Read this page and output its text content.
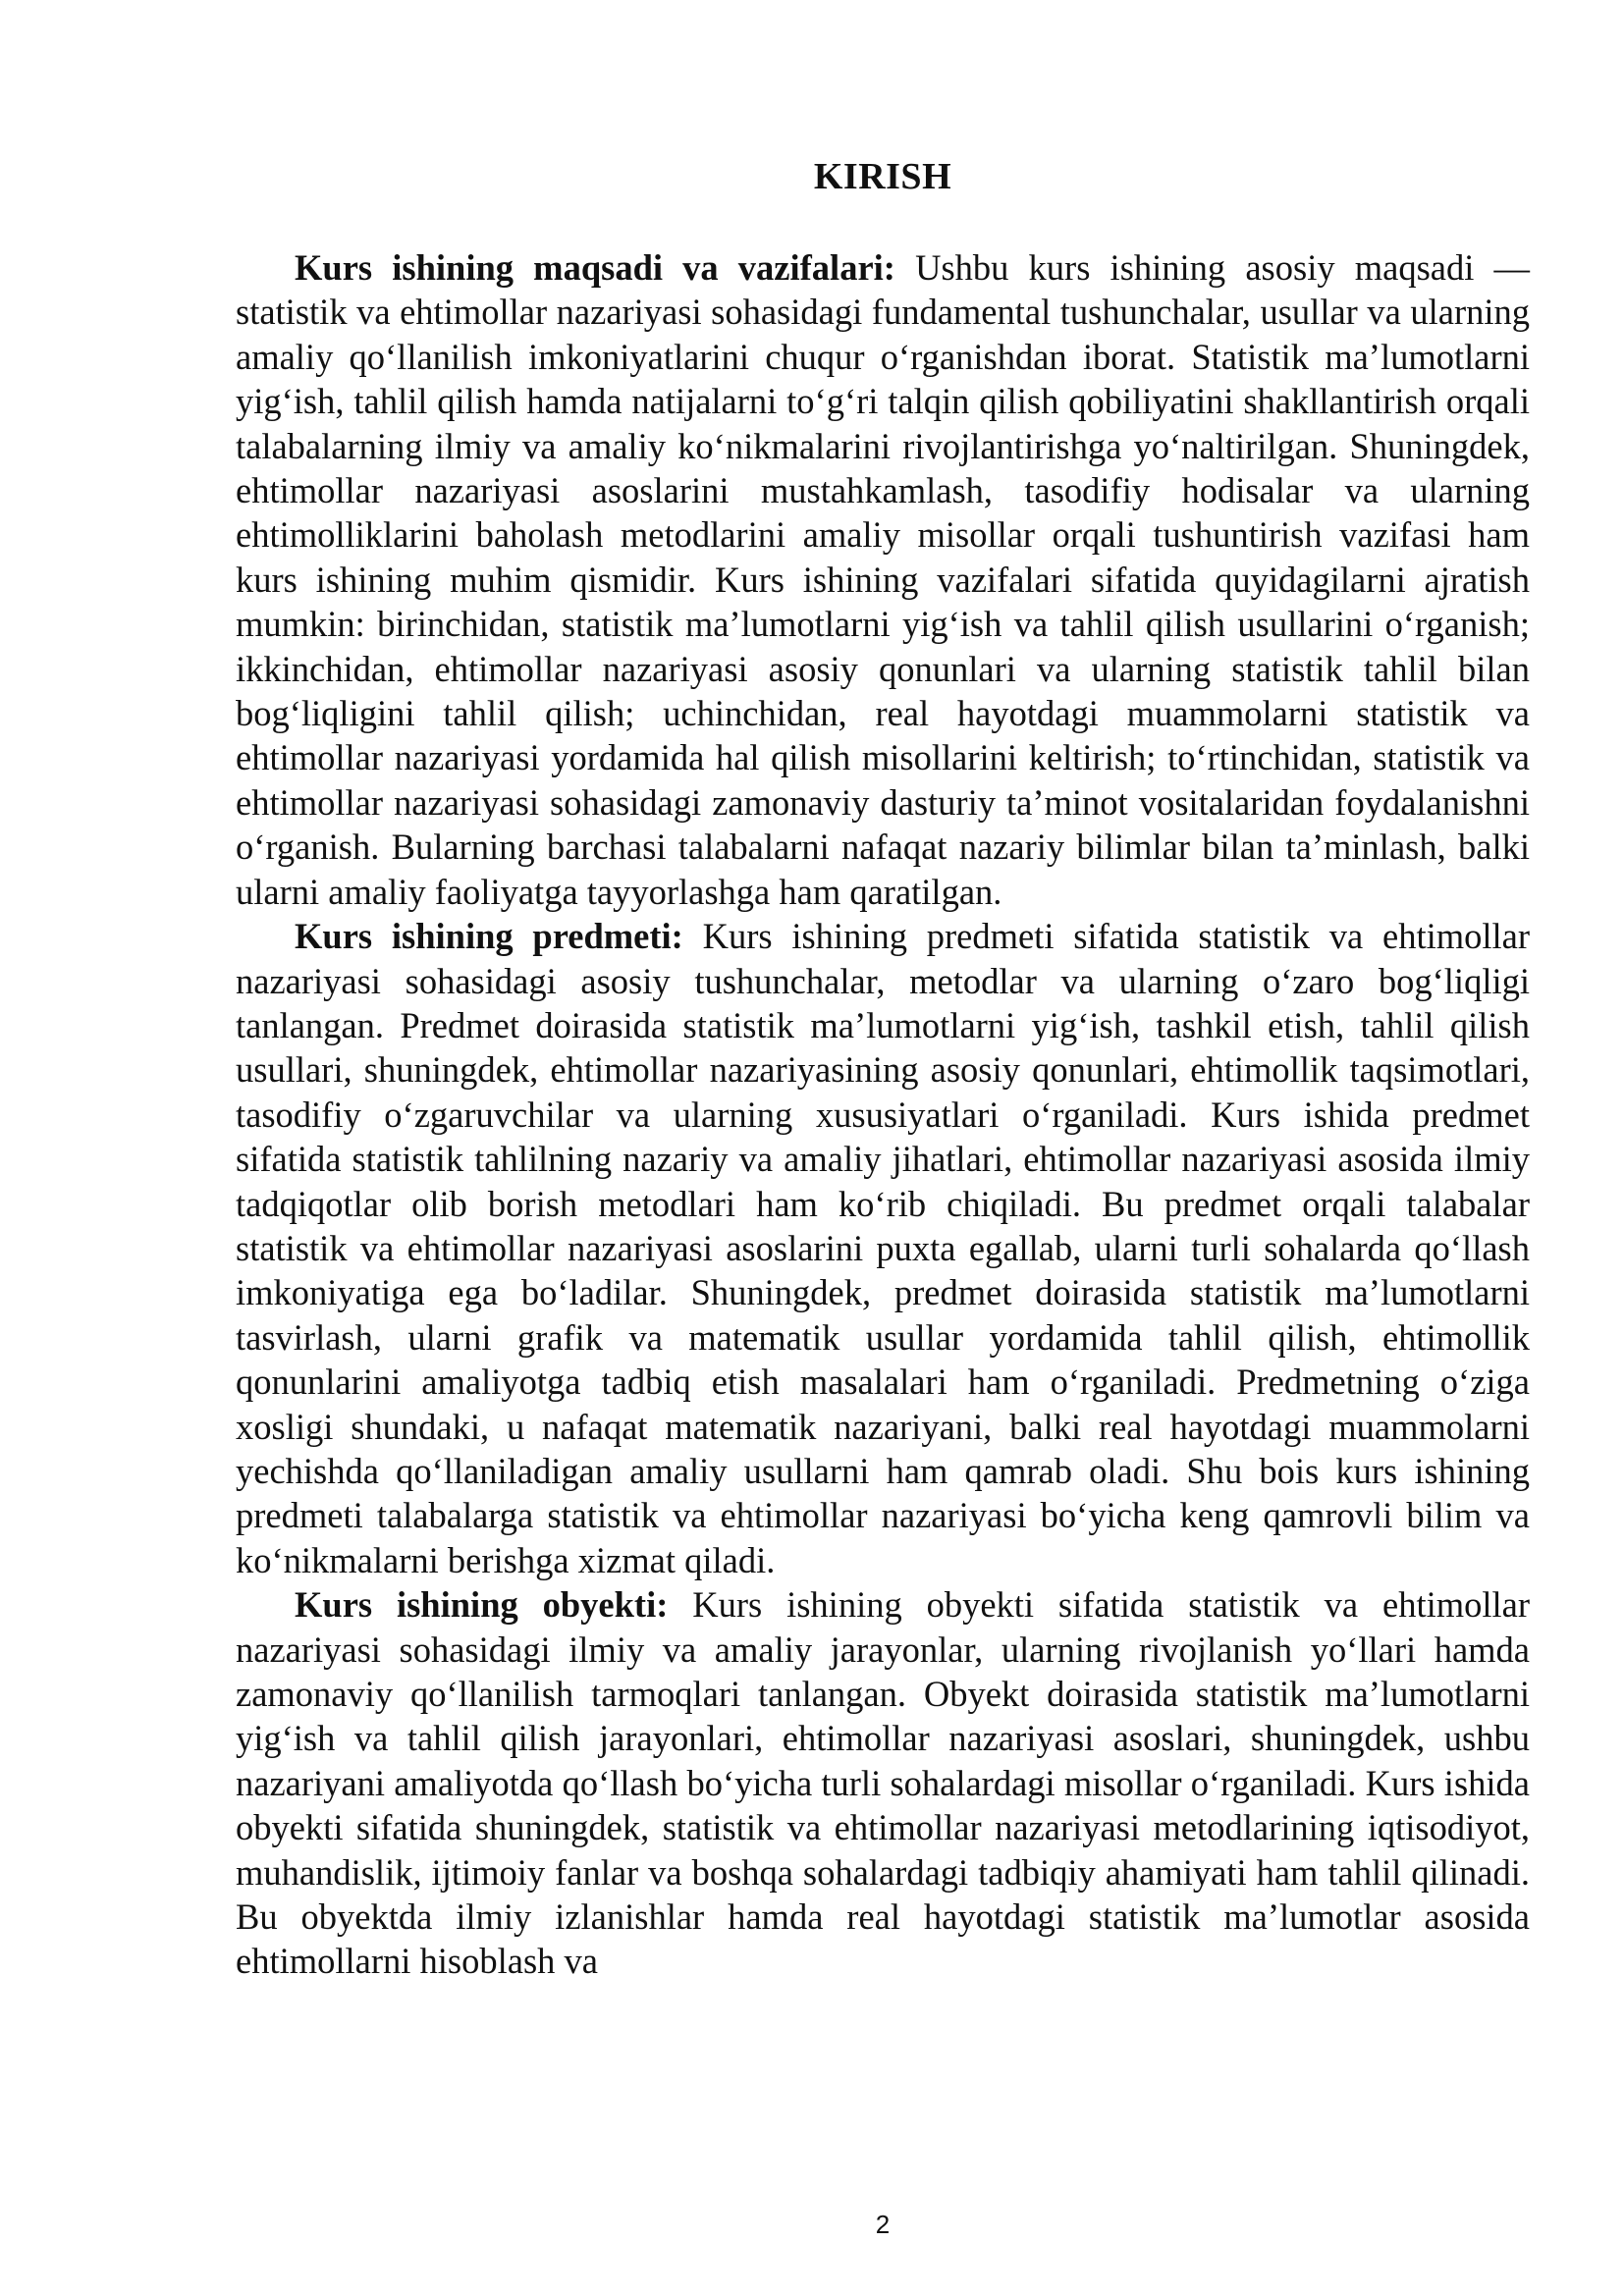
KIRISH

Kurs ishining maqsadi va vazifalari: Ushbu kurs ishining asosiy maqsadi — statistik va ehtimollar nazariyasi sohasidagi fundamental tushunchalar, usullar va ularning amaliy qo‘llanilish imkoniyatlarini chuqur o‘rganishdan iborat. Statistik ma’lumotlarni yig‘ish, tahlil qilish hamda natijalarni to‘g‘ri talqin qilish qobiliyatini shakllantirish orqali talabalarning ilmiy va amaliy ko‘nikmalarini rivojlantirishga yo‘naltirilgan. Shuningdek, ehtimollar nazariyasi asoslarini mustahkamlash, tasodifiy hodisalar va ularning ehtimolliklarini baholash metodlarini amaliy misollar orqali tushuntirish vazifasi ham kurs ishining muhim qismidir. Kurs ishining vazifalari sifatida quyidagilarni ajratish mumkin: birinchidan, statistik ma’lumotlarni yig‘ish va tahlil qilish usullarini o‘rganish; ikkinchidan, ehtimollar nazariyasi asosiy qonunlari va ularning statistik tahlil bilan bog‘liqligini tahlil qilish; uchinchidan, real hayotdagi muammolarni statistik va ehtimollar nazariyasi yordamida hal qilish misollarini keltirish; to‘rtinchidan, statistik va ehtimollar nazariyasi sohasidagi zamonaviy dasturiy ta’minot vositalaridan foydalanishni o‘rganish. Bularning barchasi talabalarni nafaqat nazariy bilimlar bilan ta’minlash, balki ularni amaliy faoliyatga tayyorlashga ham qaratilgan.

Kurs ishining predmeti: Kurs ishining predmeti sifatida statistik va ehtimollar nazariyasi sohasidagi asosiy tushunchalar, metodlar va ularning o‘zaro bog‘liqligi tanlangan. Predmet doirasida statistik ma’lumotlarni yig‘ish, tashkil etish, tahlil qilish usullari, shuningdek, ehtimollar nazariyasining asosiy qonunlari, ehtimollik taqsimotlari, tasodifiy o‘zgaruvchilar va ularning xususiyatlari o‘rganiladi. Kurs ishida predmet sifatida statistik tahlilning nazariy va amaliy jihatlari, ehtimollar nazariyasi asosida ilmiy tadqiqotlar olib borish metodlari ham ko‘rib chiqiladi. Bu predmet orqali talabalar statistik va ehtimollar nazariyasi asoslarini puxta egallab, ularni turli sohalarda qo‘llash imkoniyatiga ega bo‘ladilar. Shuningdek, predmet doirasida statistik ma’lumotlarni tasvirlash, ularni grafik va matematik usullar yordamida tahlil qilish, ehtimollik qonunlarini amaliyotga tadbiq etish masalalari ham o‘rganiladi. Predmetning o‘ziga xosligi shundaki, u nafaqat matematik nazariyani, balki real hayotdagi muammolarni yechishda qo‘llaniladigan amaliy usullarni ham qamrab oladi. Shu bois kurs ishining predmeti talabalarga statistik va ehtimollar nazariyasi bo‘yicha keng qamrovli bilim va ko‘nikmalarni berishga xizmat qiladi.

Kurs ishining obyekti: Kurs ishining obyekti sifatida statistik va ehtimollar nazariyasi sohasidagi ilmiy va amaliy jarayonlar, ularning rivojlanish yo‘llari hamda zamonaviy qo‘llanilish tarmoqlari tanlangan. Obyekt doirasida statistik ma’lumotlarni yig‘ish va tahlil qilish jarayonlari, ehtimollar nazariyasi asoslari, shuningdek, ushbu nazariyani amaliyotda qo‘llash bo‘yicha turli sohalardagi misollar o‘rganiladi. Kurs ishida obyekti sifatida shuningdek, statistik va ehtimollar nazariyasi metodlarining iqtisodiyot, muhandislik, ijtimoiy fanlar va boshqa sohalardagi tadbiqiy ahamiyati ham tahlil qilinadi. Bu obyektda ilmiy izlanishlar hamda real hayotdagi statistik ma’lumotlar asosida ehtimollarni hisoblash va

2
